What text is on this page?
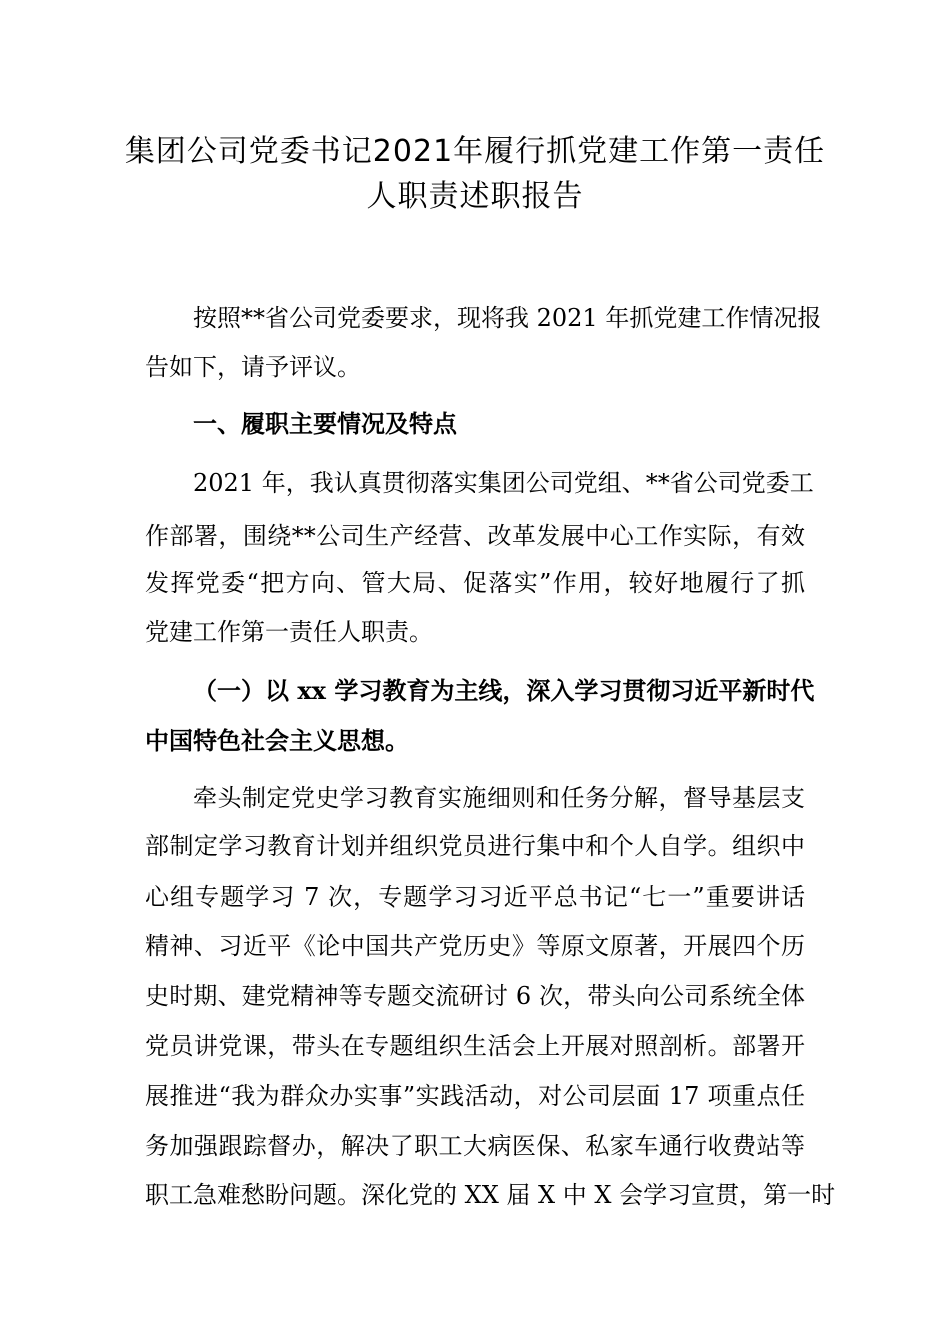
集团公司党委书记2021年履行抓党建工作第一责任
人职责述职报告
按照**省公司党委要求，现将我 2021 年抓党建工作情况报
告如下，请予评议。
一、履职主要情况及特点
2021 年，我认真贯彻落实集团公司党组、**省公司党委工
作部署，围绕**公司生产经营、改革发展中心工作实际，有效
发挥党委“把方向、管大局、促落实”作用，较好地履行了抓
党建工作第一责任人职责。
（一）以 xx 学习教育为主线，深入学习贯彻习近平新时代
中国特色社会主义思想。
牵头制定党史学习教育实施细则和任务分解，督导基层支
部制定学习教育计划并组织党员进行集中和个人自学。组织中
心组专题学习 7 次，专题学习习近平总书记“七一”重要讲话
精神、习近平《论中国共产党历史》等原文原著，开展四个历
史时期、建党精神等专题交流研讨 6 次，带头向公司系统全体
党员讲党课，带头在专题组织生活会上开展对照剖析。部署开
展推进“我为群众办实事”实践活动，对公司层面 17 项重点任
务加强跟踪督办，解决了职工大病医保、私家车通行收费站等
职工急难愁盼问题。深化党的 XX 届 X 中 X 会学习宣贯，第一时
